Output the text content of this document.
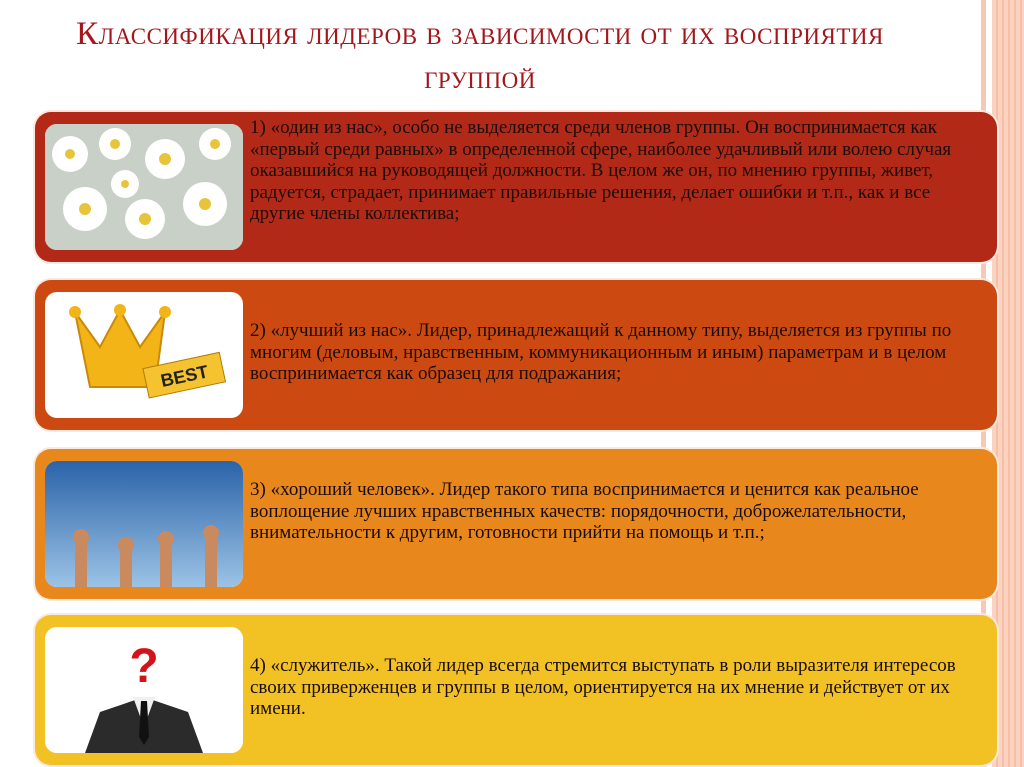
Классификация лидеров в зависимости от их восприятия группой
1) «один из нас», особо не выделяется среди членов группы. Он воспринимается как «первый среди равных» в определенной сфере, наиболее удачливый или волею случая оказавшийся на руководящей должности. В целом же он, по мнению группы, живет, радуется, страдает, принимает правильные решения, делает ошибки и т.п., как и все другие члены коллектива;
BEST
2) «лучший из нас». Лидер, принадлежащий к данному типу, выделяется из группы по многим (деловым, нравственным, коммуникационным и иным) параметрам и в целом воспринимается как образец для подражания;
3) «хороший человек». Лидер такого типа воспринимается и ценится как реальное воплощение лучших нравственных качеств: порядочности, доброжелательности, внимательности к другим, готовности прийти на помощь и т.п.;
?	4) «служитель». Такой лидер всегда стремится выступать в роли выразителя интересов своих приверженцев и группы в целом, ориентируется на их мнение и действует от их имени.
